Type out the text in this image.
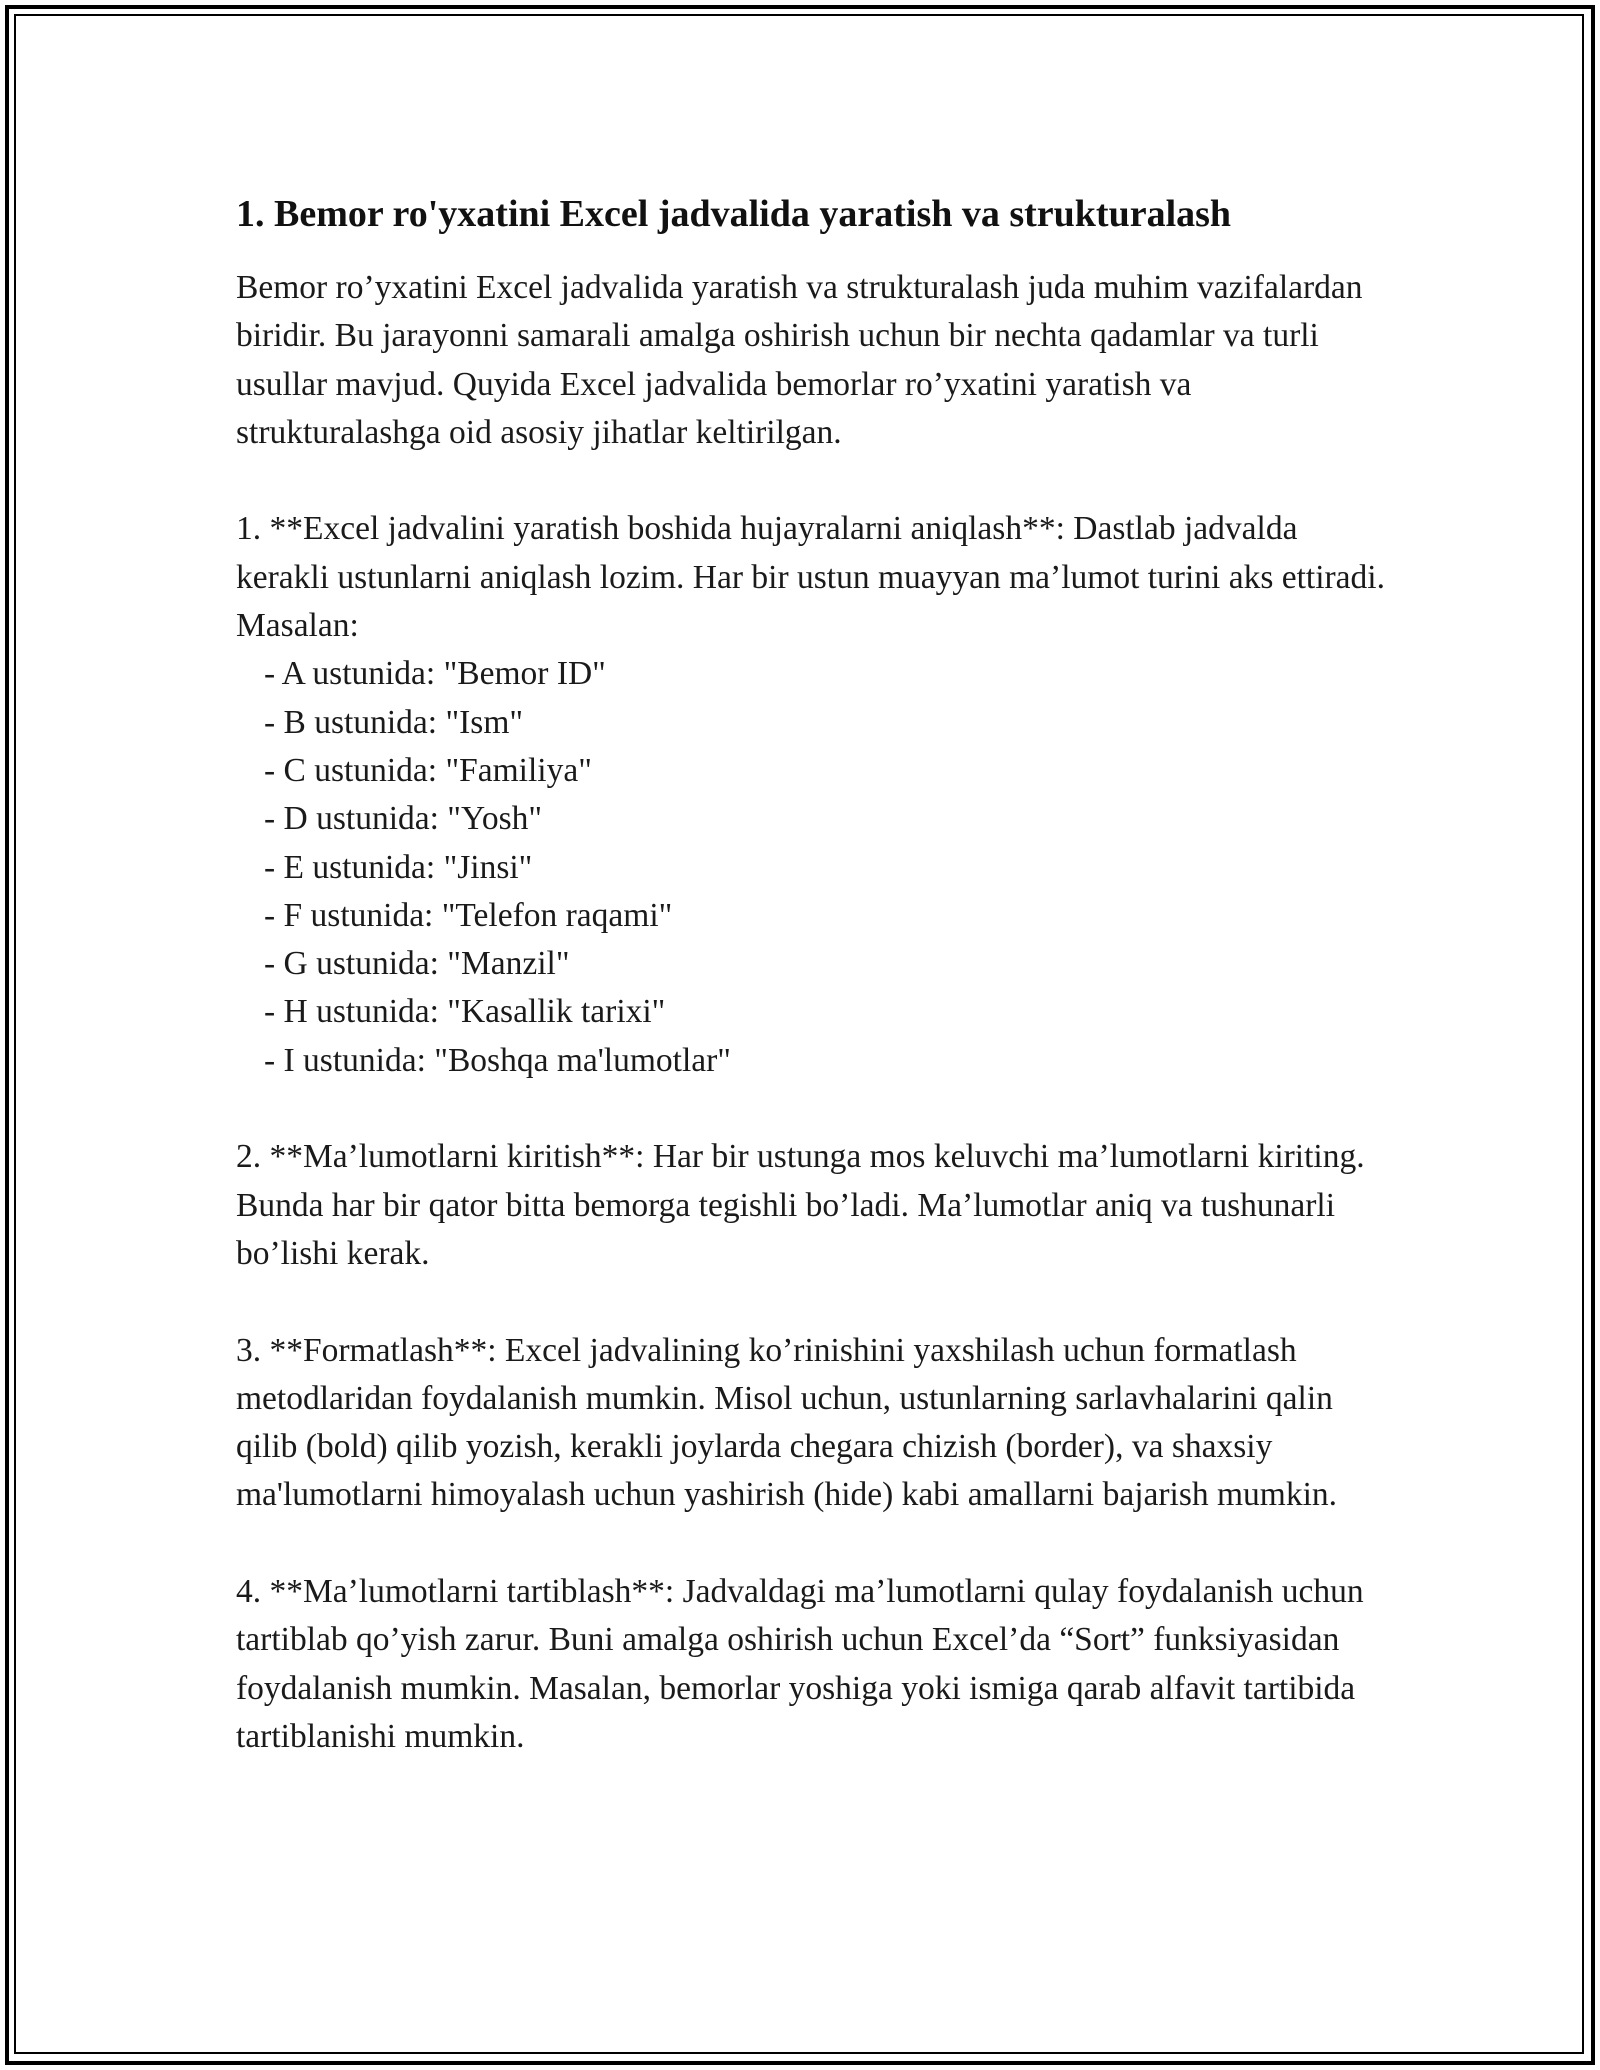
1. Bemor ro'yxatini Excel jadvalida yaratish va strukturalash

Bemor ro’yxatini Excel jadvalida yaratish va strukturalash juda muhim vazifalardan biridir. Bu jarayonni samarali amalga oshirish uchun bir nechta qadamlar va turli usullar mavjud. Quyida Excel jadvalida bemorlar ro’yxatini yaratish va strukturalashga oid asosiy jihatlar keltirilgan.

1. **Excel jadvalini yaratish boshida hujayralarni aniqlash**: Dastlab jadvalda kerakli ustunlarni aniqlash lozim. Har bir ustun muayyan ma’lumot turini aks ettiradi. Masalan:

- A ustunida: "Bemor ID"
- B ustunida: "Ism"
- C ustunida: "Familiya"
- D ustunida: "Yosh"
- E ustunida: "Jinsi"
- F ustunida: "Telefon raqami"
- G ustunida: "Manzil"
- H ustunida: "Kasallik tarixi"
- I ustunida: "Boshqa ma'lumotlar"

2. **Ma’lumotlarni kiritish**: Har bir ustunga mos keluvchi ma’lumotlarni kiriting. Bunda har bir qator bitta bemorga tegishli bo’ladi. Ma’lumotlar aniq va tushunarli bo’lishi kerak.

3. **Formatlash**: Excel jadvalining ko’rinishini yaxshilash uchun formatlash metodlaridan foydalanish mumkin. Misol uchun, ustunlarning sarlavhalarini qalin qilib (bold) qilib yozish, kerakli joylarda chegara chizish (border), va shaxsiy ma'lumotlarni himoyalash uchun yashirish (hide) kabi amallarni bajarish mumkin.

4. **Ma’lumotlarni tartiblash**: Jadvaldagi ma’lumotlarni qulay foydalanish uchun tartiblab qo’yish zarur. Buni amalga oshirish uchun Excel’da “Sort” funksiyasidan foydalanish mumkin. Masalan, bemorlar yoshiga yoki ismiga qarab alfavit tartibida tartiblanishi mumkin.
